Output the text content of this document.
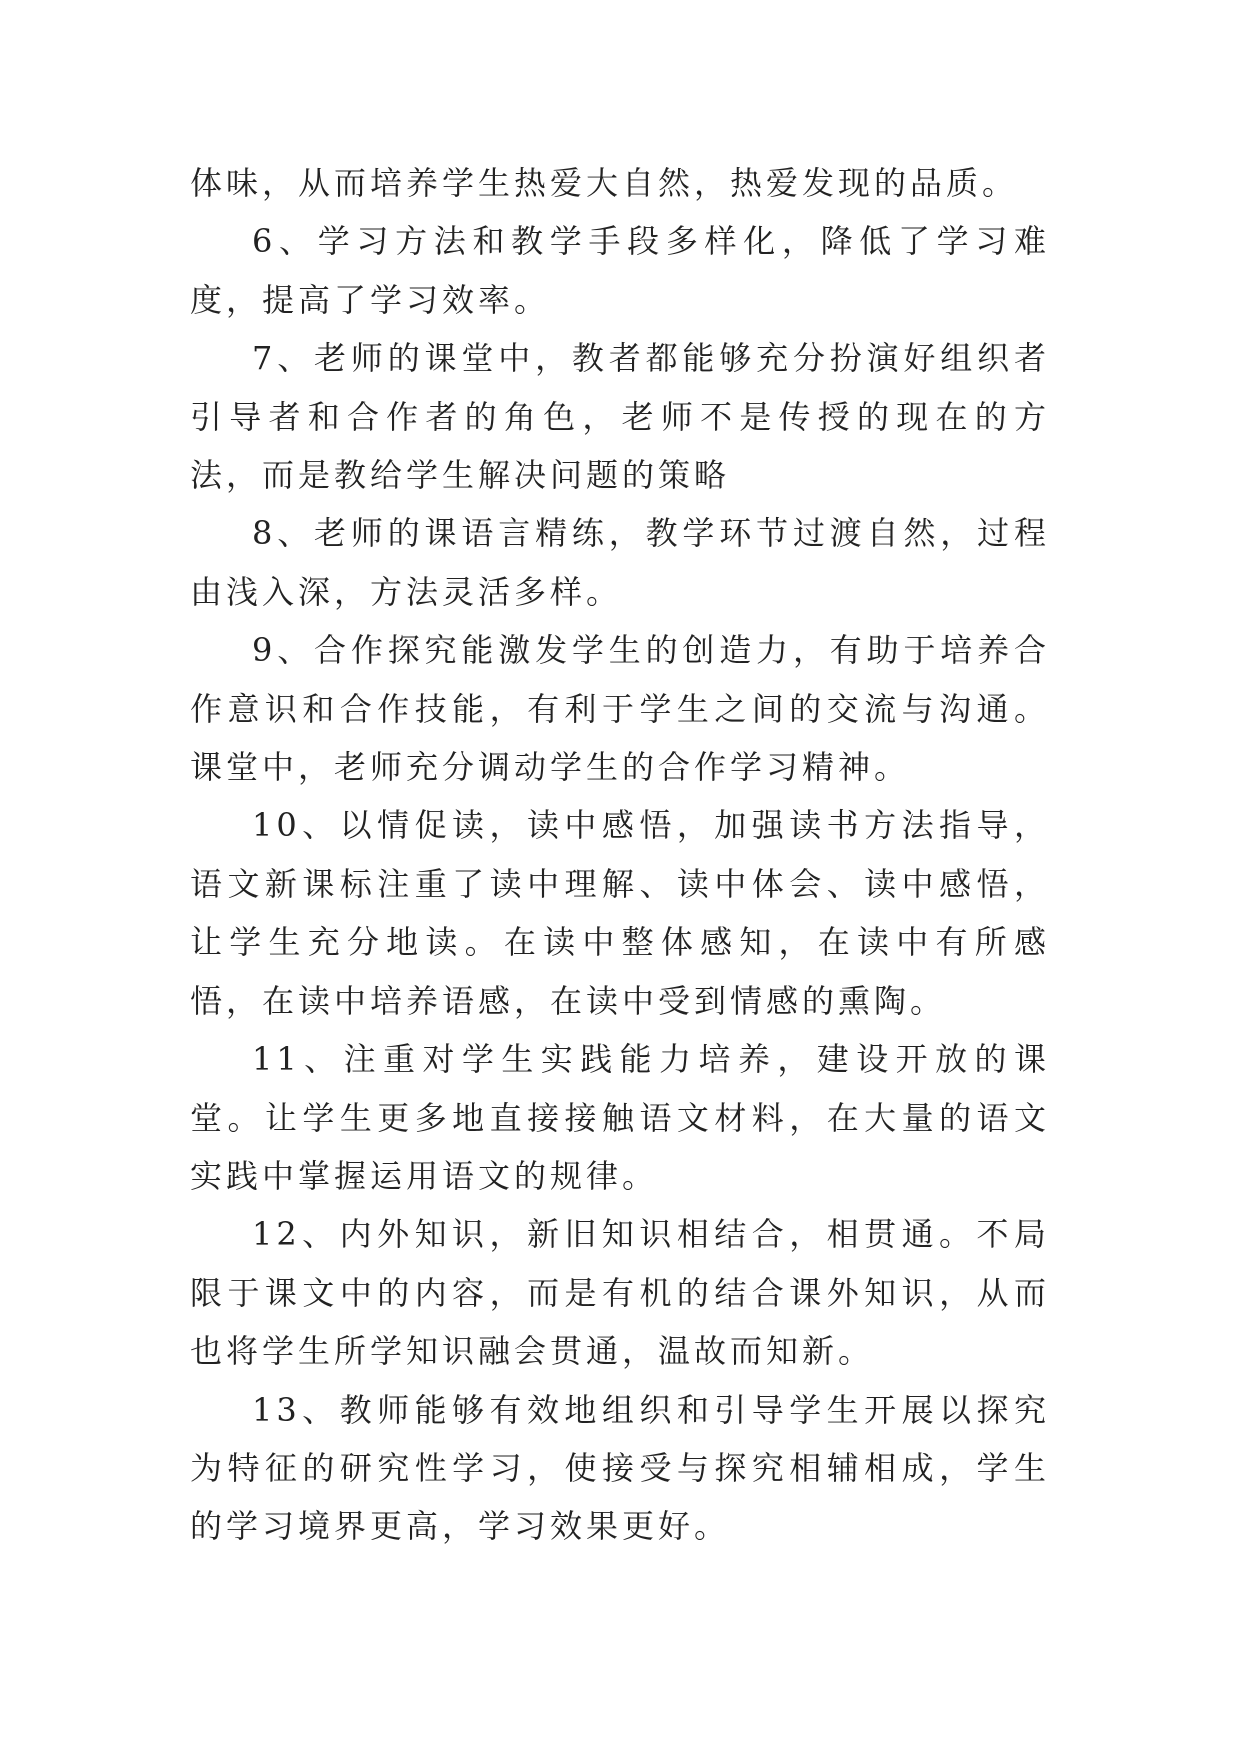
体味，从而培养学生热爱大自然，热爱发现的品质。

6、学习方法和教学手段多样化，降低了学习难度，提高了学习效率。

7、老师的课堂中，教者都能够充分扮演好组织者引导者和合作者的角色，老师不是传授的现在的方法，而是教给学生解决问题的策略

8、老师的课语言精练，教学环节过渡自然，过程由浅入深，方法灵活多样。

9、合作探究能激发学生的创造力，有助于培养合作意识和合作技能，有利于学生之间的交流与沟通。课堂中，老师充分调动学生的合作学习精神。

10、以情促读，读中感悟，加强读书方法指导，语文新课标注重了读中理解、读中体会、读中感悟，让学生充分地读。在读中整体感知，在读中有所感悟，在读中培养语感，在读中受到情感的熏陶。

11、注重对学生实践能力培养，建设开放的课堂。让学生更多地直接接触语文材料，在大量的语文实践中掌握运用语文的规律。

12、内外知识，新旧知识相结合，相贯通。不局限于课文中的内容，而是有机的结合课外知识，从而也将学生所学知识融会贯通，温故而知新。

13、教师能够有效地组织和引导学生开展以探究为特征的研究性学习，使接受与探究相辅相成，学生的学习境界更高，学习效果更好。
